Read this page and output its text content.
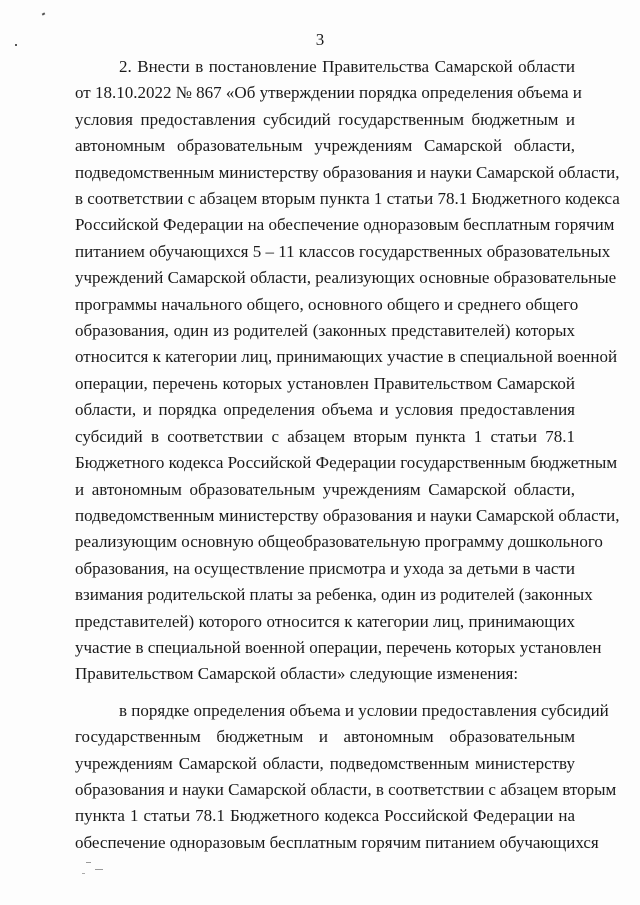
3
2. Внести в постановление Правительства Самарской области
от 18.10.2022 № 867 «Об утверждении порядка определения объема и
условия предоставления субсидий государственным бюджетным и
автономным образовательным учреждениям Самарской области,
подведомственным министерству образования и науки Самарской области,
в соответствии с абзацем вторым пункта 1 статьи 78.1 Бюджетного кодекса
Российской Федерации на обеспечение одноразовым бесплатным горячим
питанием обучающихся 5 – 11 классов государственных образовательных
учреждений Самарской области, реализующих основные образовательные
программы начального общего, основного общего и среднего общего
образования, один из родителей (законных представителей) которых
относится к категории лиц, принимающих участие в специальной военной
операции, перечень которых установлен Правительством Самарской
области, и порядка определения объема и условия предоставления
субсидий в соответствии с абзацем вторым пункта 1 статьи 78.1
Бюджетного кодекса Российской Федерации государственным бюджетным
и автономным образовательным учреждениям Самарской области,
подведомственным министерству образования и науки Самарской области,
реализующим основную общеобразовательную программу дошкольного
образования, на осуществление присмотра и ухода за детьми в части
взимания родительской платы за ребенка, один из родителей (законных
представителей) которого относится к категории лиц, принимающих
участие в специальной военной операции, перечень которых установлен
Правительством Самарской области» следующие изменения:
в порядке определения объема и условии предоставления субсидий
государственным бюджетным и автономным образовательным
учреждениям Самарской области, подведомственным министерству
образования и науки Самарской области, в соответствии с абзацем вторым
пункта 1 статьи 78.1 Бюджетного кодекса Российской Федерации на
обеспечение одноразовым бесплатным горячим питанием обучающихся
